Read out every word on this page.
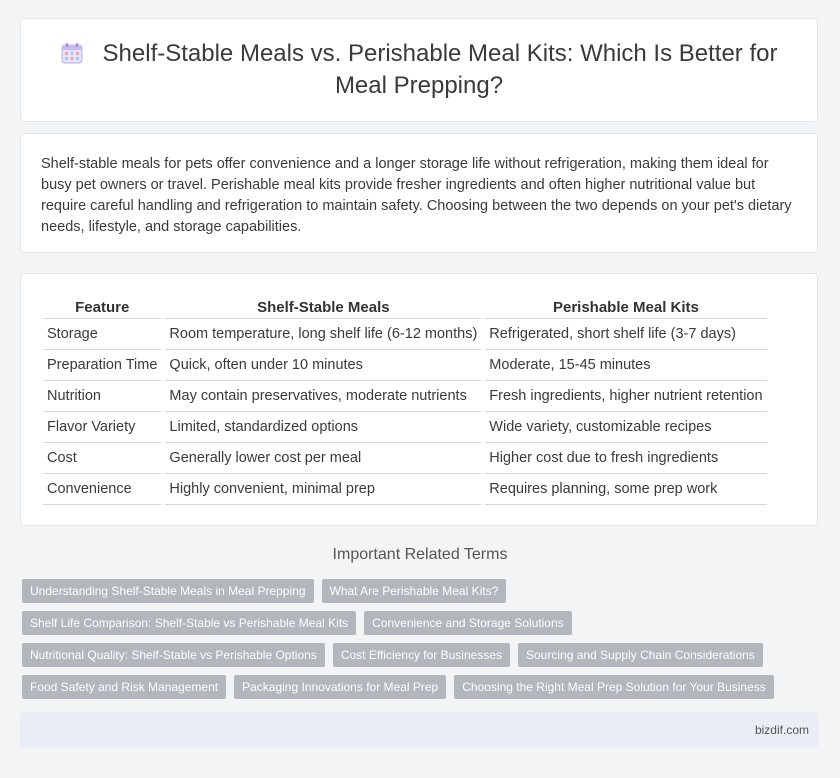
Shelf-Stable Meals vs. Perishable Meal Kits: Which Is Better for Meal Prepping?

Shelf-stable meals for pets offer convenience and a longer storage life without refrigeration, making them ideal for busy pet owners or travel. Perishable meal kits provide fresher ingredients and often higher nutritional value but require careful handling and refrigeration to maintain safety. Choosing between the two depends on your pet's dietary needs, lifestyle, and storage capabilities.

Feature	Shelf-Stable Meals	Perishable Meal Kits
Storage	Room temperature, long shelf life (6-12 months)	Refrigerated, short shelf life (3-7 days)
Preparation Time	Quick, often under 10 minutes	Moderate, 15-45 minutes
Nutrition	May contain preservatives, moderate nutrients	Fresh ingredients, higher nutrient retention
Flavor Variety	Limited, standardized options	Wide variety, customizable recipes
Cost	Generally lower cost per meal	Higher cost due to fresh ingredients
Convenience	Highly convenient, minimal prep	Requires planning, some prep work
Important Related Terms
Understanding Shelf-Stable Meals in Meal Prepping	What Are Perishable Meal Kits?
Shelf Life Comparison: Shelf-Stable vs Perishable Meal Kits	Convenience and Storage Solutions
Nutritional Quality: Shelf-Stable vs Perishable Options	Cost Efficiency for Businesses	Sourcing and Supply Chain Considerations
Food Safety and Risk Management	Packaging Innovations for Meal Prep	Choosing the Right Meal Prep Solution for Your Business
bizdif.com
